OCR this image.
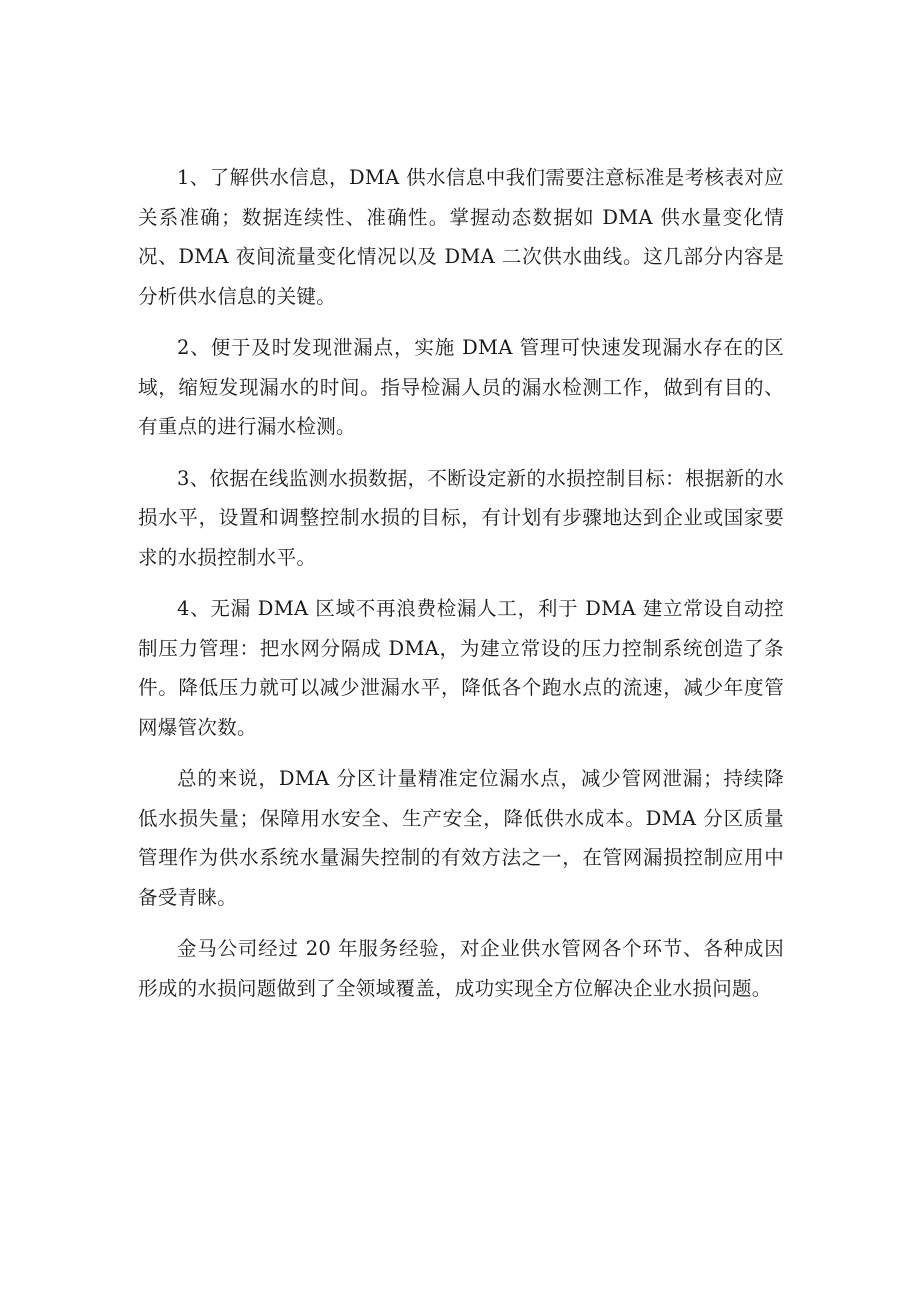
1、了解供水信息，DMA 供水信息中我们需要注意标准是考核表对应关系准确；数据连续性、准确性。掌握动态数据如 DMA 供水量变化情况、DMA 夜间流量变化情况以及 DMA 二次供水曲线。这几部分内容是分析供水信息的关键。

2、便于及时发现泄漏点，实施 DMA 管理可快速发现漏水存在的区域，缩短发现漏水的时间。指导检漏人员的漏水检测工作，做到有目的、有重点的进行漏水检测。

3、依据在线监测水损数据，不断设定新的水损控制目标：根据新的水损水平，设置和调整控制水损的目标，有计划有步骤地达到企业或国家要求的水损控制水平。

4、无漏 DMA 区域不再浪费检漏人工，利于 DMA 建立常设自动控制压力管理：把水网分隔成 DMA，为建立常设的压力控制系统创造了条件。降低压力就可以减少泄漏水平，降低各个跑水点的流速，减少年度管网爆管次数。

总的来说，DMA 分区计量精准定位漏水点，减少管网泄漏；持续降低水损失量；保障用水安全、生产安全，降低供水成本。DMA 分区质量管理作为供水系统水量漏失控制的有效方法之一，在管网漏损控制应用中备受青睐。

金马公司经过 20 年服务经验，对企业供水管网各个环节、各种成因形成的水损问题做到了全领域覆盖，成功实现全方位解决企业水损问题。
